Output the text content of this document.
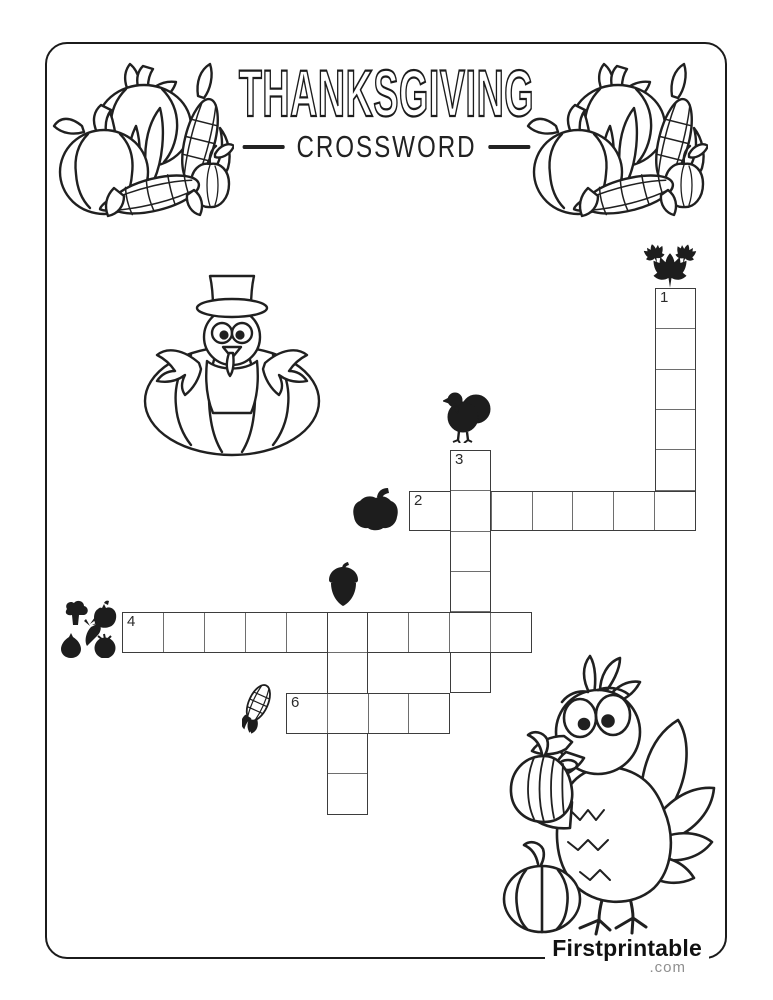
THANKSGIVING
CROSSWORD
1
2
3
4
6
Firstprintable
.com
